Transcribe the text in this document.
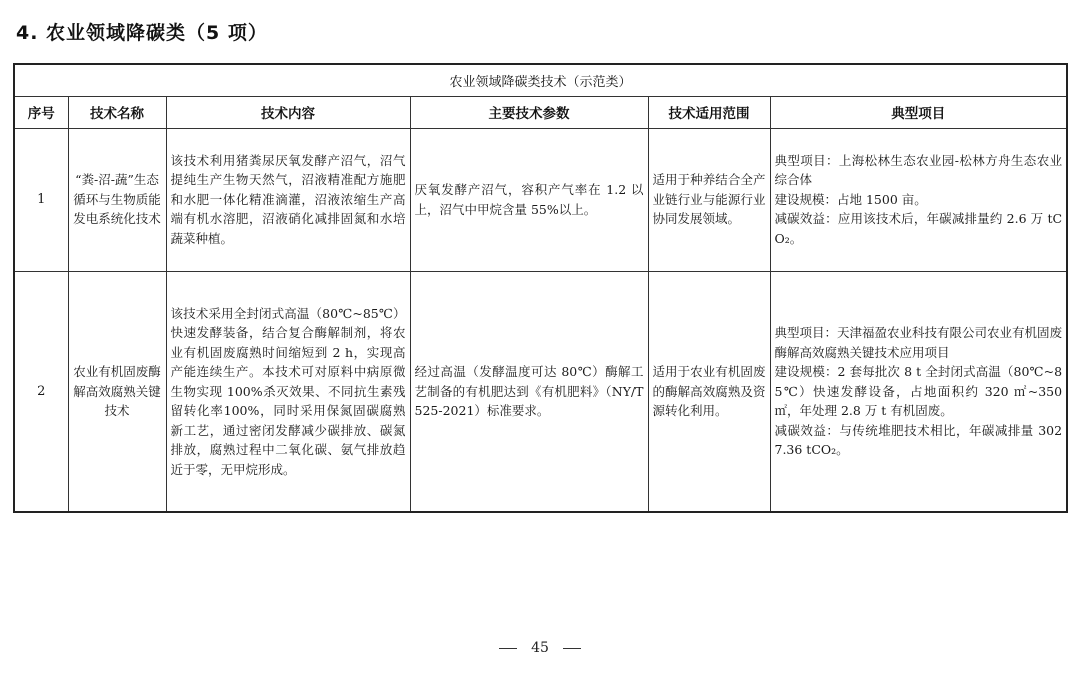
4. 农业领域降碳类（5 项）
农业领域降碳类技术（示范类）					
序号	技术名称	技术内容	主要技术参数	技术适用范围	典型项目
1	“粪-沼-蔬”生态循环与生物质能发电系统化技术	该技术利用猪粪尿厌氧发酵产沼气，沼气提纯生产生物天然气，沼液精准配方施肥和水肥一体化精准滴灌，沼液浓缩生产高端有机水溶肥，沼液硝化减排固氮和水培蔬菜种植。	厌氧发酵产沼气，容积产气率在 1.2 以上，沼气中甲烷含量 55%以上。	适用于种养结合全产业链行业与能源行业协同发展领域。	典型项目：上海松林生态农业园-松林方舟生态农业综合体
建设规模：占地 1500 亩。
减碳效益：应用该技术后，年碳减排量约 2.6 万 tCO₂。
2	农业有机固废酶解高效腐熟关键技术	该技术采用全封闭式高温（80℃~85℃）快速发酵装备，结合复合酶解制剂，将农业有机固废腐熟时间缩短到 2 h，实现高产能连续生产。本技术可对原料中病原微生物实现 100%杀灭效果、不同抗生素残留转化率100%，同时采用保氮固碳腐熟新工艺，通过密闭发酵减少碳排放、碳氮排放，腐熟过程中二氧化碳、氨气排放趋近于零，无甲烷形成。	经过高温（发酵温度可达 80℃）酶解工艺制备的有机肥达到《有机肥料》（NY/T 525-2021）标准要求。	适用于农业有机固废的酶解高效腐熟及资源转化利用。	典型项目：天津福盈农业科技有限公司农业有机固废酶解高效腐熟关键技术应用项目
建设规模：2 套每批次 8 t 全封闭式高温（80℃~85℃）快速发酵设备，占地面积约 320 ㎡~350 ㎡，年处理 2.8 万 t 有机固废。
减碳效益：与传统堆肥技术相比，年碳减排量 3027.36 tCO₂。
45
